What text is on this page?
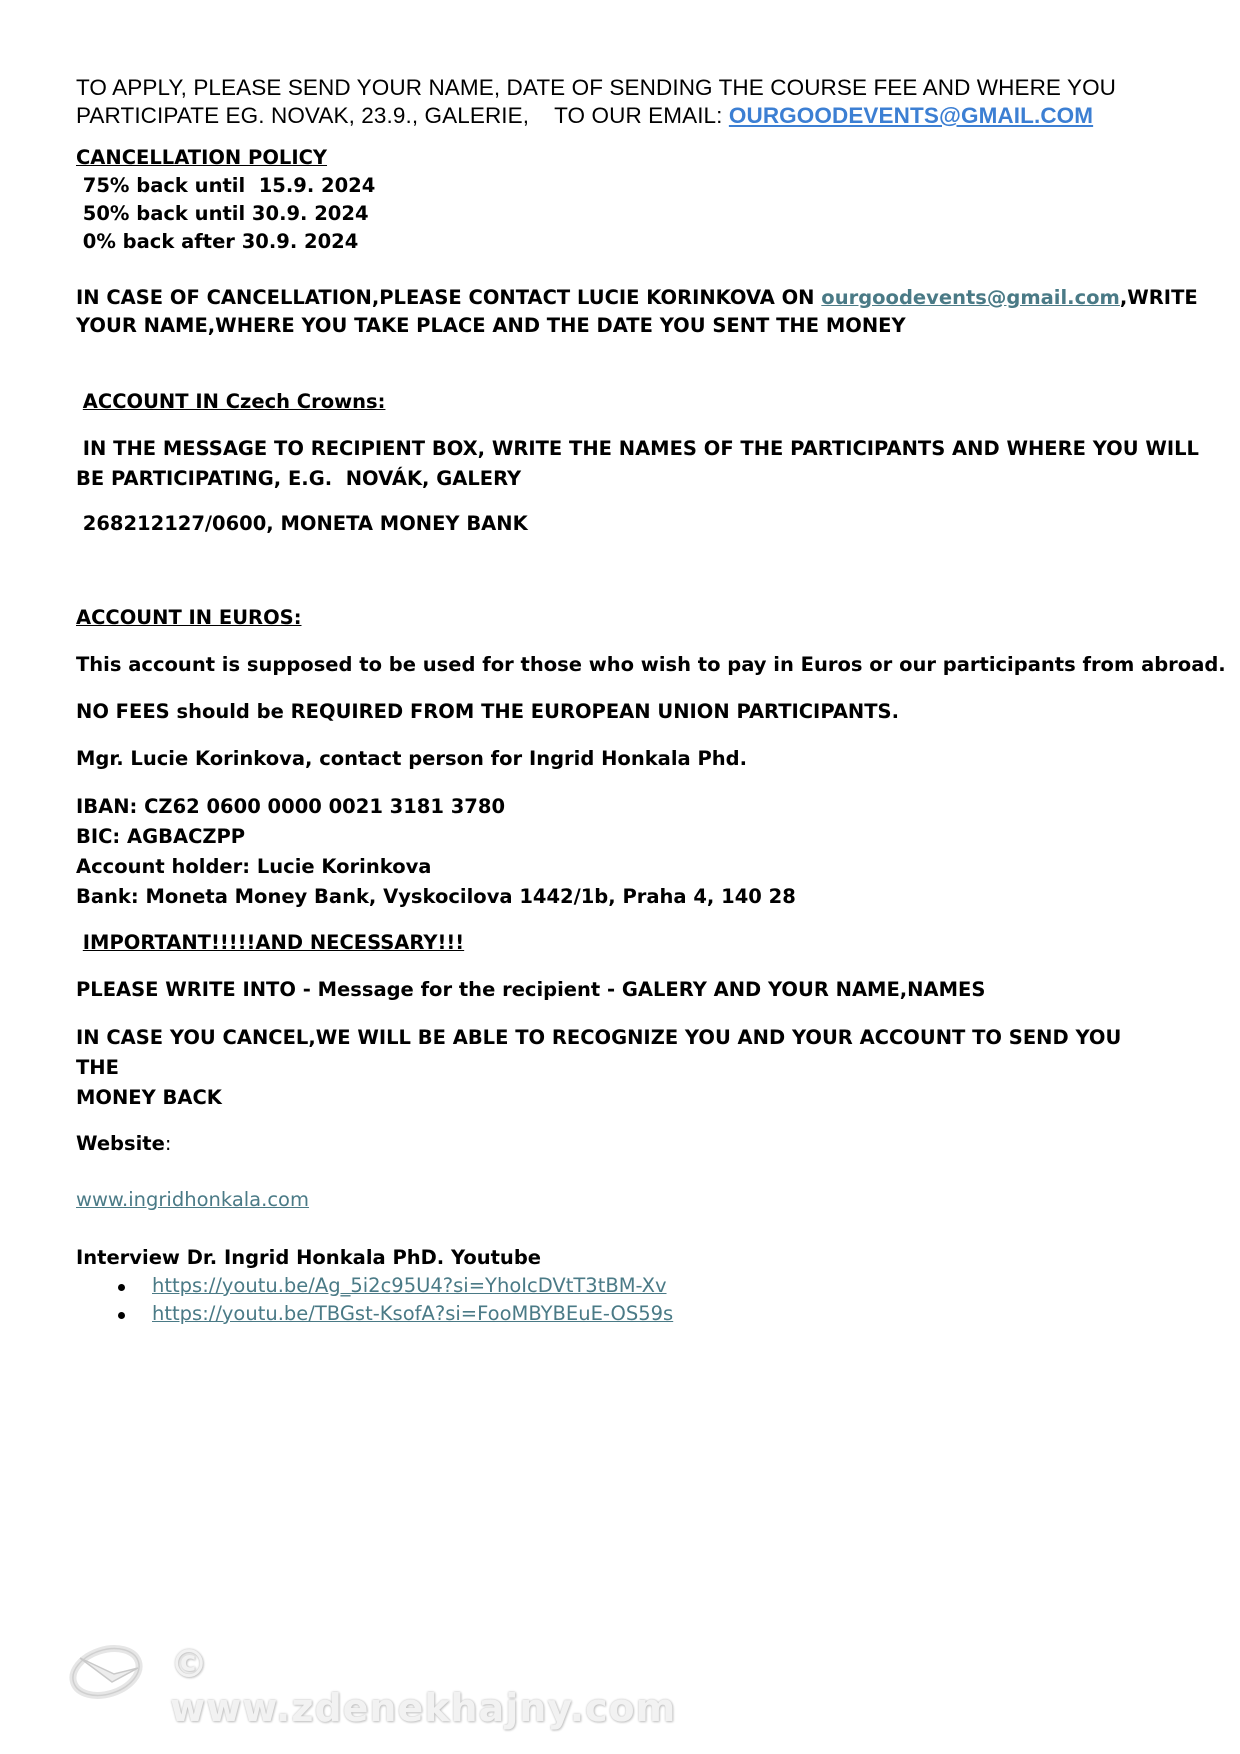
TO APPLY, PLEASE SEND YOUR NAME, DATE OF SENDING THE COURSE FEE AND WHERE YOU
PARTICIPATE EG. NOVAK, 23.9., GALERIE,    TO OUR EMAIL: OURGOODEVENTS@GMAIL.COM
CANCELLATION POLICY
75% back until  15.9. 2024
50% back until 30.9. 2024
0% back after 30.9. 2024
IN CASE OF CANCELLATION,PLEASE CONTACT LUCIE KORINKOVA ON ourgoodevents@gmail.com,WRITE
YOUR NAME,WHERE YOU TAKE PLACE AND THE DATE YOU SENT THE MONEY
ACCOUNT IN Czech Crowns:
IN THE MESSAGE TO RECIPIENT BOX, WRITE THE NAMES OF THE PARTICIPANTS AND WHERE YOU WILL
BE PARTICIPATING, E.G.  NOVÁK, GALERY
268212127/0600, MONETA MONEY BANK
ACCOUNT IN EUROS:
This account is supposed to be used for those who wish to pay in Euros or our participants from abroad.
NO FEES should be REQUIRED FROM THE EUROPEAN UNION PARTICIPANTS.
Mgr. Lucie Korinkova, contact person for Ingrid Honkala Phd.
IBAN: CZ62 0600 0000 0021 3181 3780
BIC: AGBACZPP
Account holder: Lucie Korinkova
Bank: Moneta Money Bank, Vyskocilova 1442/1b, Praha 4, 140 28
IMPORTANT!!!!!AND NECESSARY!!!
PLEASE WRITE INTO - Message for the recipient - GALERY AND YOUR NAME,NAMES
IN CASE YOU CANCEL,WE WILL BE ABLE TO RECOGNIZE YOU AND YOUR ACCOUNT TO SEND YOU THE
MONEY BACK
Website:
www.ingridhonkala.com
Interview Dr. Ingrid Honkala PhD. Youtube
https://youtu.be/Ag_5i2c95U4?si=YhoIcDVtT3tBM-Xv
https://youtu.be/TBGst-KsofA?si=FooMBYBEuE-OS59s
© www.zdenekhajny.com
